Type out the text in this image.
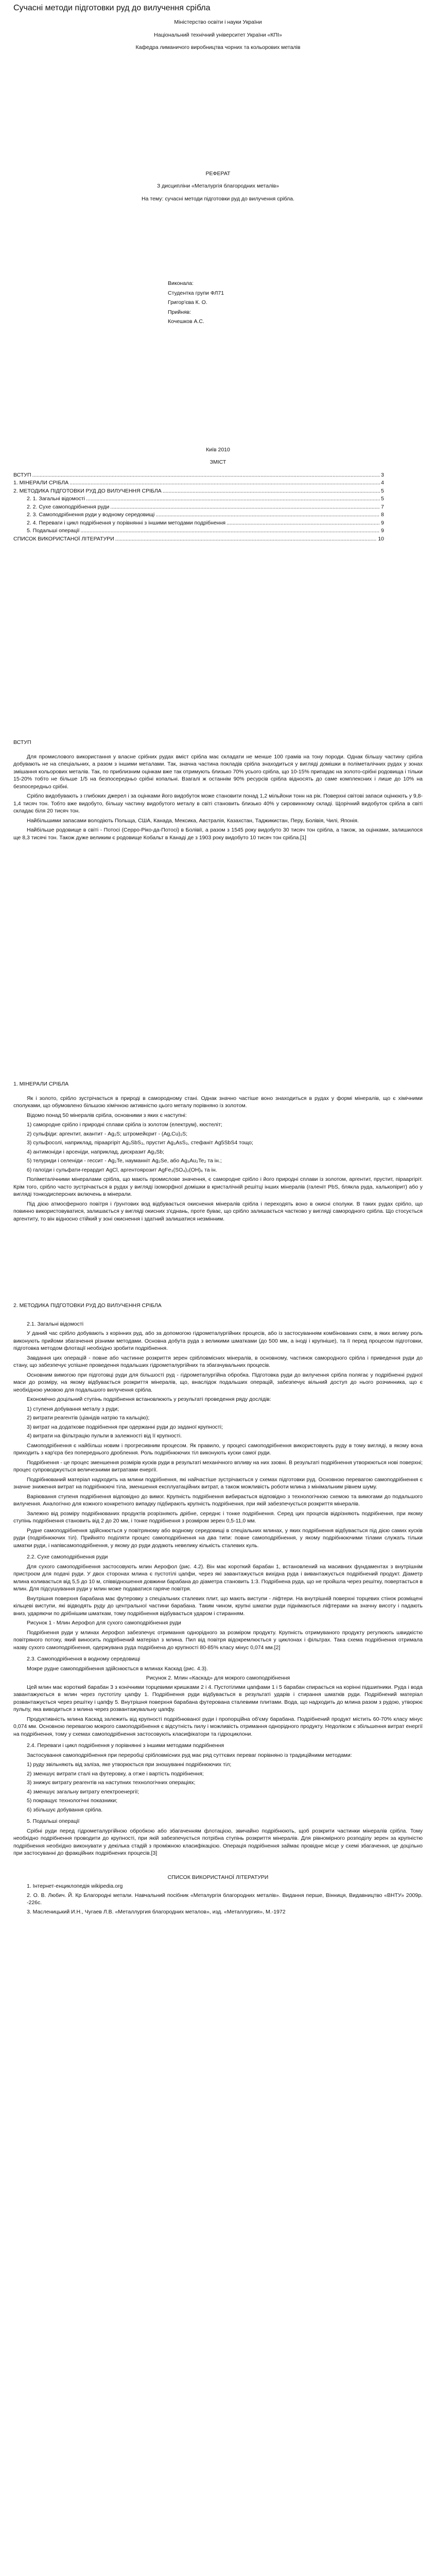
Сучасні методи підготовки руд до вилучення срібла
Міністерство освіти і науки України
Національний технічний університет України «КПІ»
Кафедра лиманичого виробництва чорних та кольорових металів
РЕФЕРАТ
З дисципліни «Металургія благородних металів»
На тему: сучасні методи підготовки руд до вилучення срібла.
Виконала:
Студентка групи ФЛ71
Григор'єва К. О.
Прийняв:
Кочешков А.С.
Київ 2010
ЗМІСТ
ВСТУП .....	3
1. МІНЕРАЛИ СРІБЛА .....	4
2. МЕТОДИКА ПІДГОТОВКИ РУД ДО ВИЛУЧЕННЯ СРІБЛА .....	5
2. 1. Загальні відомості .....	5
2. 2. Сухе самоподрібнення руди .....	7
2. 3. Самоподрібнення руди у водному середовищі .....	8
2. 4. Переваги і цикл подрібнення у порівнянні з іншими методами подрібнення .....	9
5. Подальші операції .....	9
СПИСОК ВИКОРИСТАНОЇ ЛІТЕРАТУРИ .....	10
ВСТУП
Для промислового використання у власне срібних рудах вміст срібла має складати не менше 100 грамів на тону породи. Однак більшу частину срібла добувають не на спеціальних, а разом з іншими металами. Так, значна частина покладів срібла знаходиться у вигляді домішки в поліметалічних рудах у зонах змішання кольорових металів. Так, по приблизним оцінкам вже так отримують близько 70% усього срібла, що 10-15% припадає на золото-срібні родовища і тільки 15-20% тобто не більше 1/5 на безпосередньо срібні копальні. Взагалі ж останнім 90% ресурсів срібла відносять до саме комплексних і лише до 10% на безпосередньо срібні.
Срібло видобувають з глибоких джерел і за оцінками його видобуток може становити понад 1,2 мільйони тонн на рік. Поверхні світові запаси оцінюють у 9,8-1,4 тисяч тон. Тобто вже видобуто, більшу частину видобутого металу в світі становить близько 40% у сировинному складі. Щорічний видобуток срібла в світі складає біля 20 тисяч тон.
Найбільшими запасами володіють Польща, США, Канада, Мексика, Австралія, Казахстан, Таджикистан, Перу, Болівія, Чилі, Японія.
Найбільше родовище в світі - Потосі (Серро-Ріко-да-Потосі) в Болівії, а разом з 1545 року видобуто 30 тисяч тон срібла, а також, за оцінками, залишилося ще 8,3 тисячі тон. Також дуже великим є родовище Кобальт в Канаді де з 1903 року видобуто 10 тисяч тон срібла.[1]
1. МІНЕРАЛИ СРІБЛА
Як і золото, срібло зустрічається в природі в самородному стані. Однак значно частіше воно знаходиться в рудах у формі мінералів, що є хімічними сполуками, що обумовлено більшою хімічною активністю цього металу порівняно із золотом.
Відомо понад 50 мінералів срібла, основними з яких є наступні:
1) самородне срібло і природні сплави срібла із золотом (електрум), кюстеліт;
2) сульфіди: аргентит, акантит - Ag₂S; штромейєрит - (Ag,Cu)₂S;
3) сульфосолі, наприклад, пірааргіріт Ag₃SbS₃, прустит Ag₃AsS₃, стефаніт Ag5SbS4 тощо;
4) антимоніди і арсеніди, наприклад, дискразит Ag₃Sb;
5) телуриди і селеніди - гессит - Ag₂Te, науманніт Ag₂Se, або Ag₃Au₂Te₂ та ін.;
6) галоїди і сульфати-герардит AgCl, аргентоярозит AgFe₃(SO₄)₂(OH)₆ та ін.
Поліметалічними мінералами срібла, що мають промислове значення, є самородне срібло і його природні сплави із золотом, аргентит, прустит, пірааргіріт. Крім того, срібло часто зустрічається в рудах у вигляді ізоморфної домішки в кристалічній решітці інших мінералів (галеніт PbS, блякла руда, халькопірит) або у вигляді тонкодисперсних включень в мінерали.
Під дією атмосферного повітря і ґрунтових вод відбувається окиснення мінералів срібла і переходять воно в окисні сполуки. В таких рудах срібло, що повинно використовуватися, залишається у вигляді окисних з'єднань, проте буває, що срібло залишається частково у вигляді самородного срібла. Що стосується аргентиту, то він відносно стійкий у зоні окиснення і здатний залишатися незмінним.
2. МЕТОДИКА ПІДГОТОВКИ РУД ДО ВИЛУЧЕННЯ СРІБЛА
2.1. Загальні відомості
У даний час срібло добувають з корінних руд, або за допомогою гідрометалургійних процесів, або із застосуванням комбінованих схем, в яких велику роль виконують прийоми збагачення різними методами. Основна добута руда з великими шматками (до 500 мм, а іноді і крупніше), та її перед процесом підготовки, підготовка методом флотації необхідно зробити подрібнення.
Завдання цих операцій - повне або частинне розкриття зерен срібловмісних мінералів, в основному, частинок самородного срібла і приведення руди до стану, що забезпечує успішне проведення подальших гідрометалургійних та збагачувальних процесів.
Основним вимогою при підготовці руди для більшості руд - гідрометалургійна обробка. Підготовка руди до вилучення срібла полягає у подрібненні рудної маси до розміру, на якому відбувається розкриття мінералів, що, внаслідок подальших операцій, забезпечує вільний доступ до нього розчинника, що є необхідною умовою для подальшого вилучення срібла.
Економічно доцільний ступінь подрібнення встановлюють у результаті проведення ряду дослідів:
1) ступеня добування металу з руди;
2) витрати реагентів (ціанідів натрію та кальцію);
3) витрат на додаткове подрібнення при одержанні руди до заданої крупності;
4) витрати на фільтрацію пульпи в залежності від її крупності.
Самоподрібнення є найбільш новим і прогресивним процесом. Як правило, у процесі самоподрібнення використовують руду в тому вигляді, в якому вона приходить з кар'єра без попереднього дроблення. Роль подрібнюючих тіл виконують куски самої руди.
Подрібнення - це процес зменшення розмірів кусків руди в результаті механічного впливу на них ззовні. В результаті подрібнення утворюються нові поверхні; процес супроводжується величезними витратами енергії.
Подрібнюваний матеріал надходить на млини подрібнення, які найчастіше зустрічаються у схемах підготовки руд. Основною перевагою самоподрібнення є значне зниження витрат на подрібнюючі тіла, зменшення експлуатаційних витрат, а також можливість роботи млина з мінімальним рівнем шуму.
Варіювання ступеня подрібнення відповідно до вимог. Крупність подрібнення вибирається відповідно з технологічною схемою та вимогами до подальшого вилучення. Аналогічно для кожного конкретного випадку підбирають крупність подрібнення, при якій забезпечується розкриття мінералів.
Залежно від розміру подрібнюваних продуктів розрізняють дрібне, середнє і тонке подрібнення. Серед цих процесів відрізняють подрібнення, при якому ступінь подрібнення становить від 2 до 20 мм, і тонке подрібнення з розміром зерен 0,5-11,0 мм.
Рудне самоподрібнення здійснюється у повітряному або водному середовищі в спеціальних млинах, у яких подрібнення відбувається під дією самих кусків руди (подрібнюючих тіл). Прийнято поділяти процес самоподрібнення на два типи: повне самоподрібнення, у якому подрібнюючими тілами служать тільки шматки руди, і напівсамоподрібнення, у якому до руди додають невелику кількість сталевих куль.
2.2. Сухе самоподрібнення руди
Для сухого самоподрібнення застосовують млин Аерофол (рис. 4.2). Він має короткий барабан 1, встановлений на масивних фундаментах з внутрішнім пристроєм для подачі руди. У двох сторонах млина є пустотілі цапфи, через які завантажується вихідна руда і вивантажується подрібнений продукт. Діаметр млина коливається від 5,5 до 10 м, співвідношення довжини барабана до діаметра становить 1:3. Подрібнена руда, що не пройшла через решітку, повертається в млин. Для підсушування руди у млин може подаватися гаряче повітря.
Внутрішня поверхня барабана має футеровку з спеціальних сталевих плит, що мають виступи - ліфтери. На внутрішній поверхні торцевих стінок розміщені кільцеві виступи, які відводять руду до центральної частини барабана. Таким чином, крупні шматки руди піднімаються ліфтерами на значну висоту і падають вниз, ударяючи по дрібнішим шматкам, тому подрібнення відбувається ударом і стиранням.
Рисунок 1 - Млин Аерофол для сухого самоподрібнення руди
Подрібнення руди у млинах Аерофол забезпечує отримання однорідного за розміром продукту. Крупність отримуваного продукту регулюють швидкістю повітряного потоку, який виносить подрібнений матеріал з млина. Пил від повітря відокремлюється у циклонах і фільтрах. Така схема подрібнення отримала назву сухого самоподрібнення, одержувана руда подрібнена до крупності 80-85% класу мінус 0,074 мм.[2]
2.3. Самоподрібнення в водному середовищі
Мокре рудне самоподрібнення здійснюється в млинах Каскад (рис. 4.3).
Рисунок 2. Млин «Каскад» для мокрого самоподрібнення
Цей млин має короткий барабан 3 з конічними торцевими кришками 2 і 4. Пустотілими цапфами 1 і 5 барабан спирається на корінні підшипники. Руда і вода завантажуються в млин через пустотілу цапфу 1. Подрібнення руди відбувається в результаті ударів і стирання шматків руди. Подрібнений матеріал розвантажується через решітку і цапфу 5. Внутрішня поверхня барабана футерована сталевими плитами. Вода, що надходить до млина разом з рудою, утворює пульпу, яка виводиться з млина через розвантажувальну цапфу.
Продуктивність млина Каскад залежить від крупності подрібнюваної руди і пропорційна об'єму барабана. Подрібнений продукт містить 60-70% класу мінус 0,074 мм. Основною перевагою мокрого самоподрібнення є відсутність пилу і можливість отримання однорідного продукту. Недоліком є збільшення витрат енергії на подрібнення, тому у схемах самоподрібнення застосовують класифікатори та гідроциклони.
2.4. Переваги і цикл подрібнення у порівнянні з іншими методами подрібнення
Застосування самоподрібнення при переробці срібловмісних руд має ряд суттєвих переваг порівняно із традиційними методами:
1) руду звільняють від заліза, яке утворюється при зношуванні подрібнюючих тіл;
2) зменшує витрати сталі на футеровку, а отже і вартість подрібнення;
3) знижує витрату реагентів на наступних технологічних операціях;
4) зменшує загальну витрату електроенергії;
5) покращує технологічні показники;
6) збільшує добування срібла.
5. Подальші операції
Срібні руди перед гідрометалургійною обробкою або збагаченням флотацією, звичайно подрібнюють, щоб розкрити частинки мінералів срібла. Тому необхідно подрібнення проводити до крупності, при якій забезпечується потрібна ступінь розкриття мінералів. Для рівномірного розподілу зерен за крупністю подрібнення необхідно виконувати у декілька стадій з проміжною класифікацією. Операція подрібнення займає провідне місце у схемі збагачення, це доцільно при застосуванні до фракційних подрібнених процесів.[3]
СПИСОК ВИКОРИСТАНОЇ ЛІТЕРАТУРИ
1. Інтернет-енциклопедія wikipedia.org
2. О. В. Любич. Й. Кр Благородні метали. Навчальний посібник «Металургія благородних металів». Видання перше, Вінниця, Видавництво «ВНТУ» 2009р. -226с.
3. Масленицький И.Н., Чугаев Л.В. «Металлургия благородних металов», изд. «Металлургия», М.-1972
